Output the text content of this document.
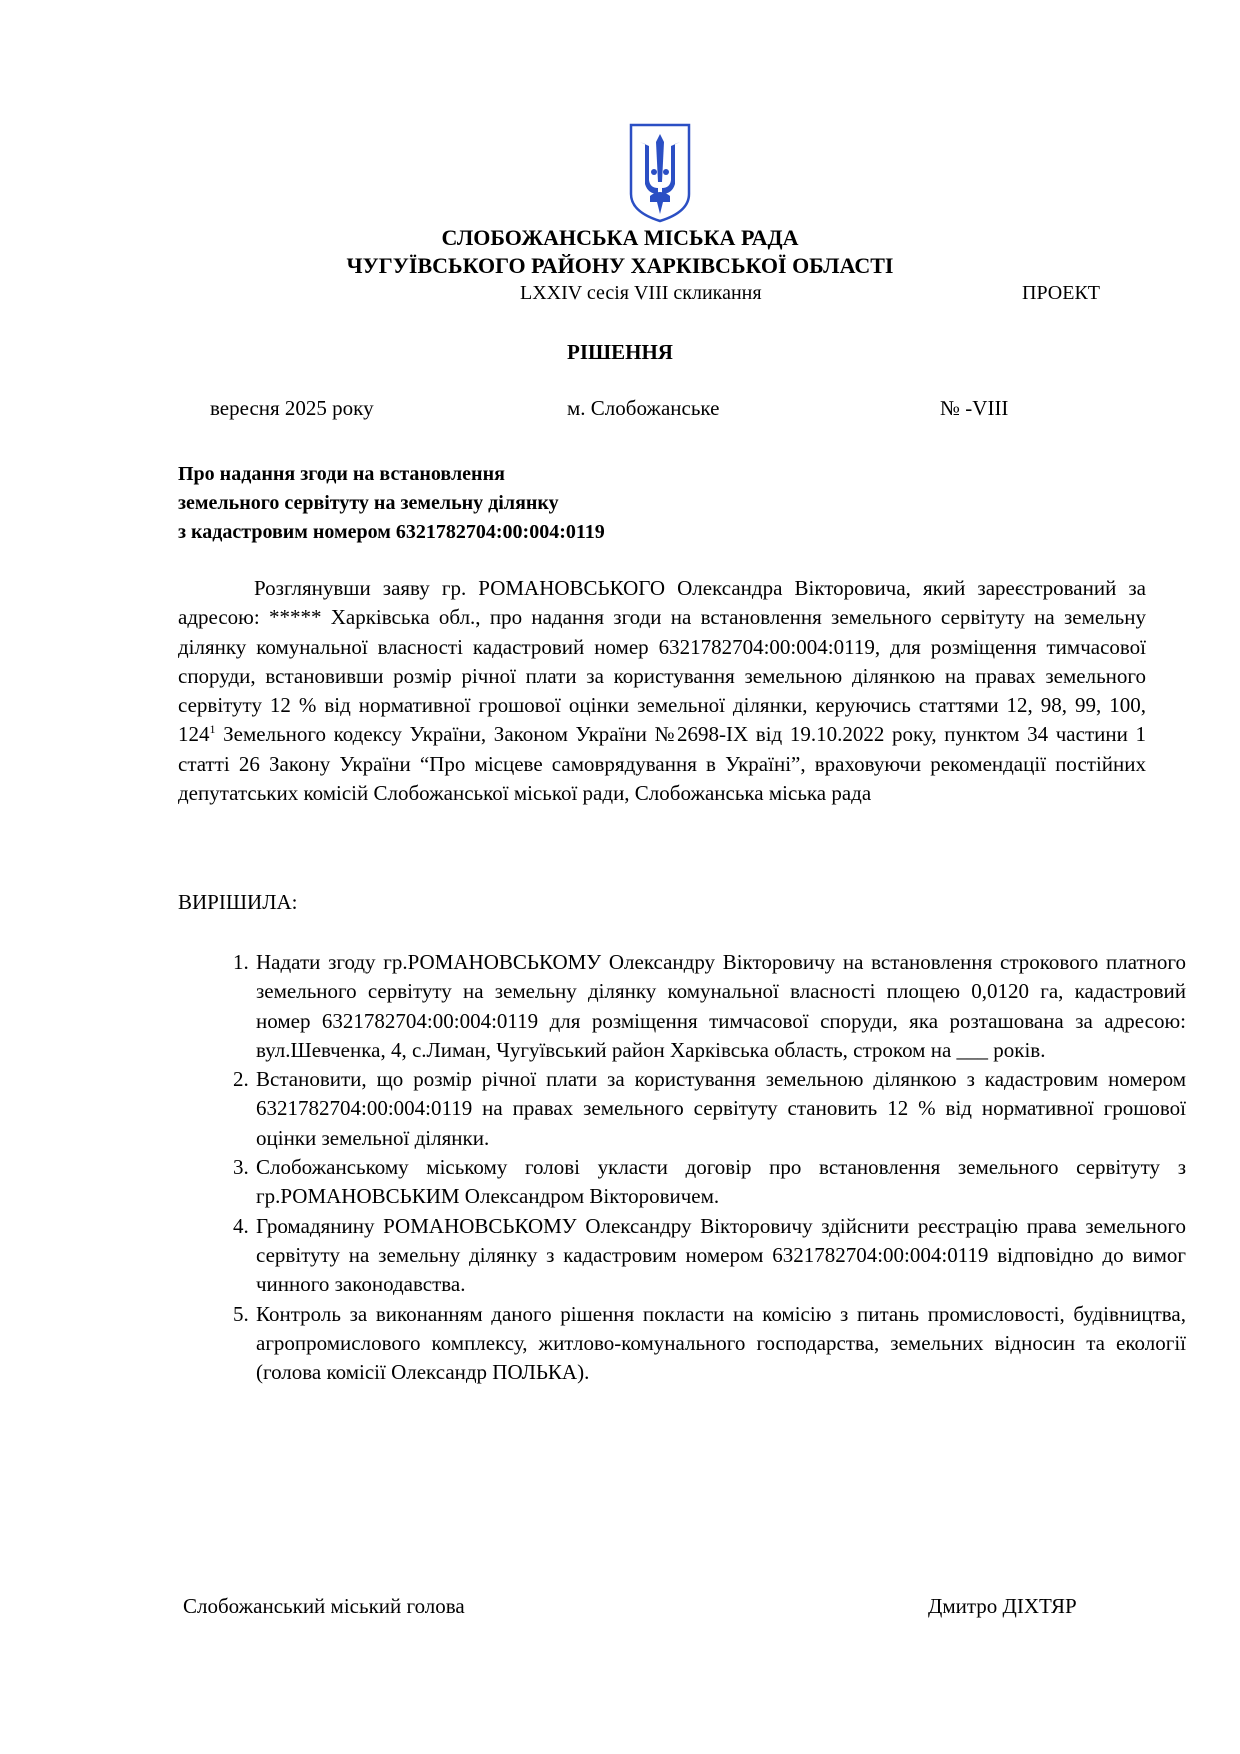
СЛОБОЖАНСЬКА МІСЬКА РАДА
ЧУГУЇВСЬКОГО РАЙОНУ ХАРКІВСЬКОЇ ОБЛАСТІ
LXXIV сесія VIII скликання	ПРОЕКТ
РІШЕННЯ
вересня 2025 року	м. Слобожанське	№ -VIII
Про надання згоди на встановлення
земельного сервітуту на земельну ділянку
з кадастровим номером 6321782704:00:004:0119
Розглянувши заяву гр. РОМАНОВСЬКОГО Олександра Вікторовича, який зареєстрований за адресою: ***** Харківська обл., про надання згоди на встановлення земельного сервітуту на земельну ділянку комунальної власності кадастровий номер 6321782704:00:004:0119, для розміщення тимчасової споруди, встановивши розмір річної плати за користування земельною ділянкою на правах земельного сервітуту 12 % від нормативної грошової оцінки земельної ділянки, керуючись статтями 12, 98, 99, 100, $124^1$ Земельного кодексу України, Законом України №2698-ІХ від 19.10.2022 року, пунктом 34 частини 1 статті 26 Закону України “Про місцеве самоврядування в Україні”, враховуючи рекомендації постійних депутатських комісій Слобожанської міської ради, Слобожанська міська рада
ВИРІШИЛА:
1. Надати згоду гр.РОМАНОВСЬКОМУ Олександру Вікторовичу на встановлення строкового платного земельного сервітуту на земельну ділянку комунальної власності площею 0,0120 га, кадастровий номер 6321782704:00:004:0119 для розміщення тимчасової споруди, яка розташована за адресою: вул.Шевченка, 4, с.Лиман, Чугуївський район Харківська область, строком на ___ років.
2. Встановити, що розмір річної плати за користування земельною ділянкою з кадастровим номером 6321782704:00:004:0119 на правах земельного сервітуту становить 12 % від нормативної грошової оцінки земельної ділянки.
3. Слобожанському міському голові укласти договір про встановлення земельного сервітуту з гр.РОМАНОВСЬКИМ Олександром Вікторовичем.
4. Громадянину РОМАНОВСЬКОМУ Олександру Вікторовичу здійснити реєстрацію права земельного сервітуту на земельну ділянку з кадастровим номером 6321782704:00:004:0119 відповідно до вимог чинного законодавства.
5. Контроль за виконанням даного рішення покласти на комісію з питань промисловості, будівництва, агропромислового комплексу, житлово-комунального господарства, земельних відносин та екології (голова комісії Олександр ПОЛЬКА).
Слобожанський міський голова	Дмитро ДІХТЯР
